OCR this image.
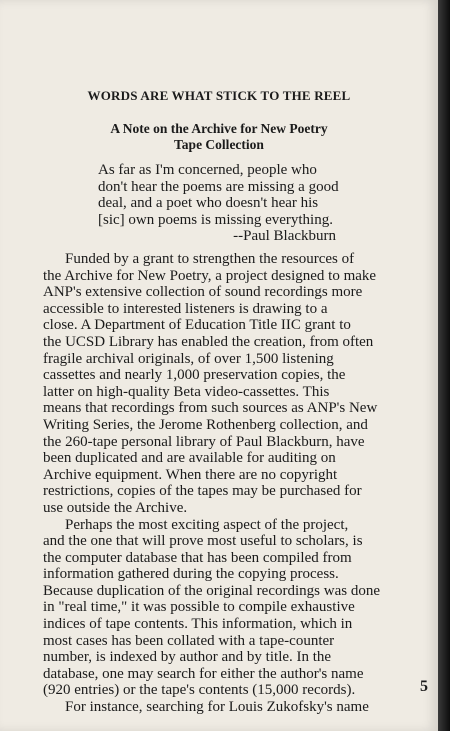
WORDS ARE WHAT STICK TO THE REEL
A Note on the Archive for New Poetry
Tape Collection
As far as I'm concerned, people who
don't hear the poems are missing a good
deal, and a poet who doesn't hear his
[sic] own poems is missing everything.
--Paul Blackburn
Funded by a grant to strengthen the resources of
the Archive for New Poetry, a project designed to make
ANP's extensive collection of sound recordings more
accessible to interested listeners is drawing to a
close. A Department of Education Title IIC grant to
the UCSD Library has enabled the creation, from often
fragile archival originals, of over 1,500 listening
cassettes and nearly 1,000 preservation copies, the
latter on high-quality Beta video-cassettes. This
means that recordings from such sources as ANP's New
Writing Series, the Jerome Rothenberg collection, and
the 260-tape personal library of Paul Blackburn, have
been duplicated and are available for auditing on
Archive equipment. When there are no copyright
restrictions, copies of the tapes may be purchased for
use outside the Archive.
Perhaps the most exciting aspect of the project,
and the one that will prove most useful to scholars, is
the computer database that has been compiled from
information gathered during the copying process.
Because duplication of the original recordings was done
in "real time," it was possible to compile exhaustive
indices of tape contents. This information, which in
most cases has been collated with a tape-counter
number, is indexed by author and by title. In the
database, one may search for either the author's name
(920 entries) or the tape's contents (15,000 records).
For instance, searching for Louis Zukofsky's name
5
